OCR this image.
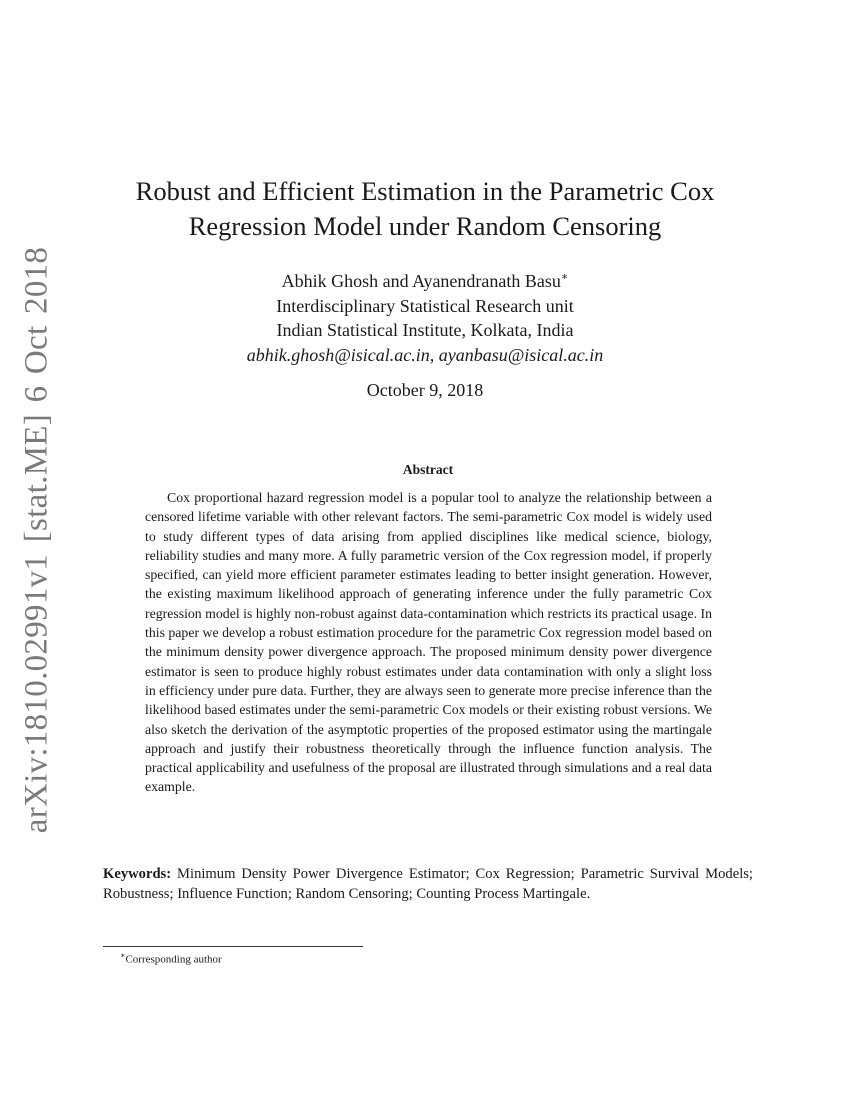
arXiv:1810.02991v1 [stat.ME] 6 Oct 2018
Robust and Efficient Estimation in the Parametric Cox
Regression Model under Random Censoring
Abhik Ghosh and Ayanendranath Basu∗
Interdisciplinary Statistical Research unit
Indian Statistical Institute, Kolkata, India
abhik.ghosh@isical.ac.in, ayanbasu@isical.ac.in
October 9, 2018
Abstract

Cox proportional hazard regression model is a popular tool to analyze the relationship between a censored lifetime variable with other relevant factors. The semi-parametric Cox model is widely used to study different types of data arising from applied disciplines like medical science, biology, reliability studies and many more. A fully parametric version of the Cox regression model, if properly specified, can yield more efficient parameter estimates leading to better insight generation. However, the existing maximum likelihood approach of generating inference under the fully parametric Cox regression model is highly non-robust against data-contamination which restricts its practical usage. In this paper we develop a robust estimation procedure for the parametric Cox regression model based on the minimum density power divergence approach. The proposed minimum density power divergence estimator is seen to produce highly robust estimates under data contamination with only a slight loss in efficiency under pure data. Further, they are always seen to generate more precise inference than the likelihood based estimates under the semi-parametric Cox models or their existing robust versions. We also sketch the derivation of the asymptotic properties of the proposed estimator using the martingale approach and justify their robustness theoretically through the influence function analysis. The practical applicability and usefulness of the proposal are illustrated through simulations and a real data example.

Keywords: Minimum Density Power Divergence Estimator; Cox Regression; Parametric Survival Models; Robustness; Influence Function; Random Censoring; Counting Process Martingale.

∗Corresponding author
